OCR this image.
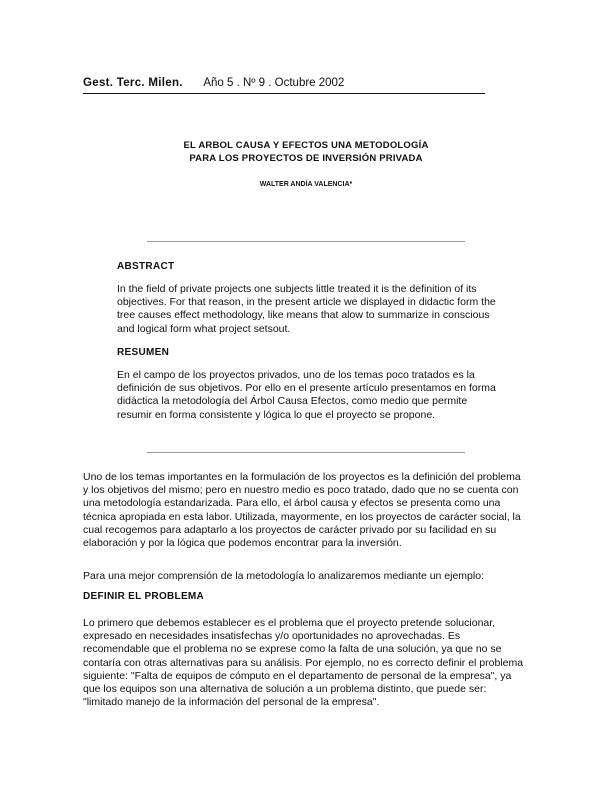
Gest. Terc. Milen. Año 5 . Nº 9 . Octubre 2002
EL ARBOL CAUSA Y EFECTOS UNA METODOLOGÍA
PARA LOS PROYECTOS DE INVERSIÓN PRIVADA
WALTER ANDÍA VALENCIA*
ABSTRACT
In the field of private projects one subjects little treated it is the definition of its objectives. For that reason, in the present article we displayed in didactic form the tree causes effect methodology, like means that alow to summarize in conscious and logical form what project setsout.
RESUMEN
En el campo de los proyectos privados, uno de los temas poco tratados es la definición de sus objetivos. Por ello en el presente artículo presentamos en forma didáctica la metodología del Árbol Causa Efectos, como medio que permite resumir en forma consistente y lógica lo que el proyecto se propone.
Uno de los temas importantes en la formulación de los proyectos es la definición del problema y los objetivos del mismo; pero en nuestro medio es poco tratado, dado que no se cuenta con una metodología estandarizada. Para ello, el árbol causa y efectos se presenta como una técnica apropiada en esta labor. Utilizada, mayormente, en los proyectos de carácter social, la cual recogemos para adaptarlo a los proyectos de carácter privado por su facilidad en su elaboración y por la lógica que podemos encontrar para la inversión.
Para una mejor comprensión de la metodología lo analizaremos mediante un ejemplo:
DEFINIR EL PROBLEMA
Lo primero que debemos establecer es el problema que el proyecto pretende solucionar, expresado en necesidades insatisfechas y/o oportunidades no aprovechadas. Es recomendable que el problema no se exprese como la falta de una solución, ya que no se contaría con otras alternativas para su análisis. Por ejemplo, no es correcto definir el problema siguiente: "Falta de equipos de cómputo en el departamento de personal de la empresa", ya que los equipos son una alternativa de solución a un problema distinto, que puede ser: "limitado manejo de la información del personal de la empresa".
